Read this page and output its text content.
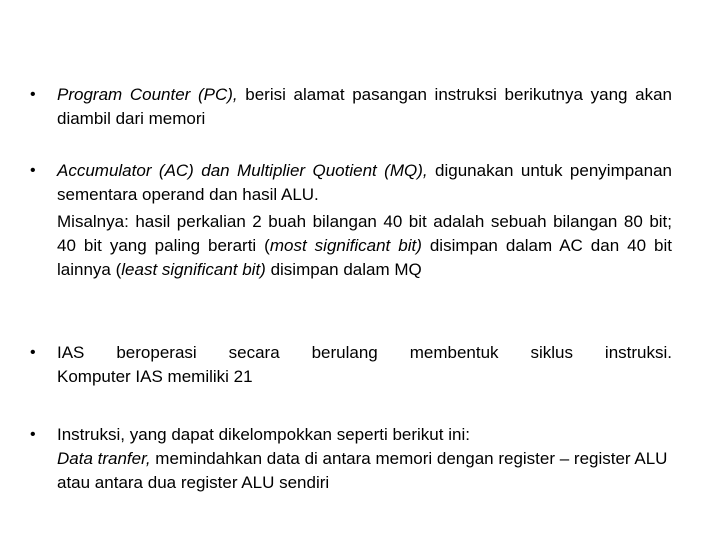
•	Program Counter (PC), berisi alamat pasangan instruksi berikutnya yang akan diambil dari memori

•	Accumulator (AC) dan Multiplier Quotient (MQ), digunakan untuk penyimpanan sementara operand dan hasil ALU.

Misalnya: hasil perkalian 2 buah bilangan 40 bit adalah sebuah bilangan 80 bit; 40 bit yang paling berarti (most significant bit) disimpan dalam AC dan 40 bit lainnya (least significant bit) disimpan dalam MQ

•	IAS beroperasi secara berulang membentuk siklus instruksi.

Komputer IAS memiliki 21

•	Instruksi, yang dapat dikelompokkan seperti berikut ini:

Data tranfer, memindahkan data di antara memori dengan register – register ALU atau antara dua register ALU sendiri
